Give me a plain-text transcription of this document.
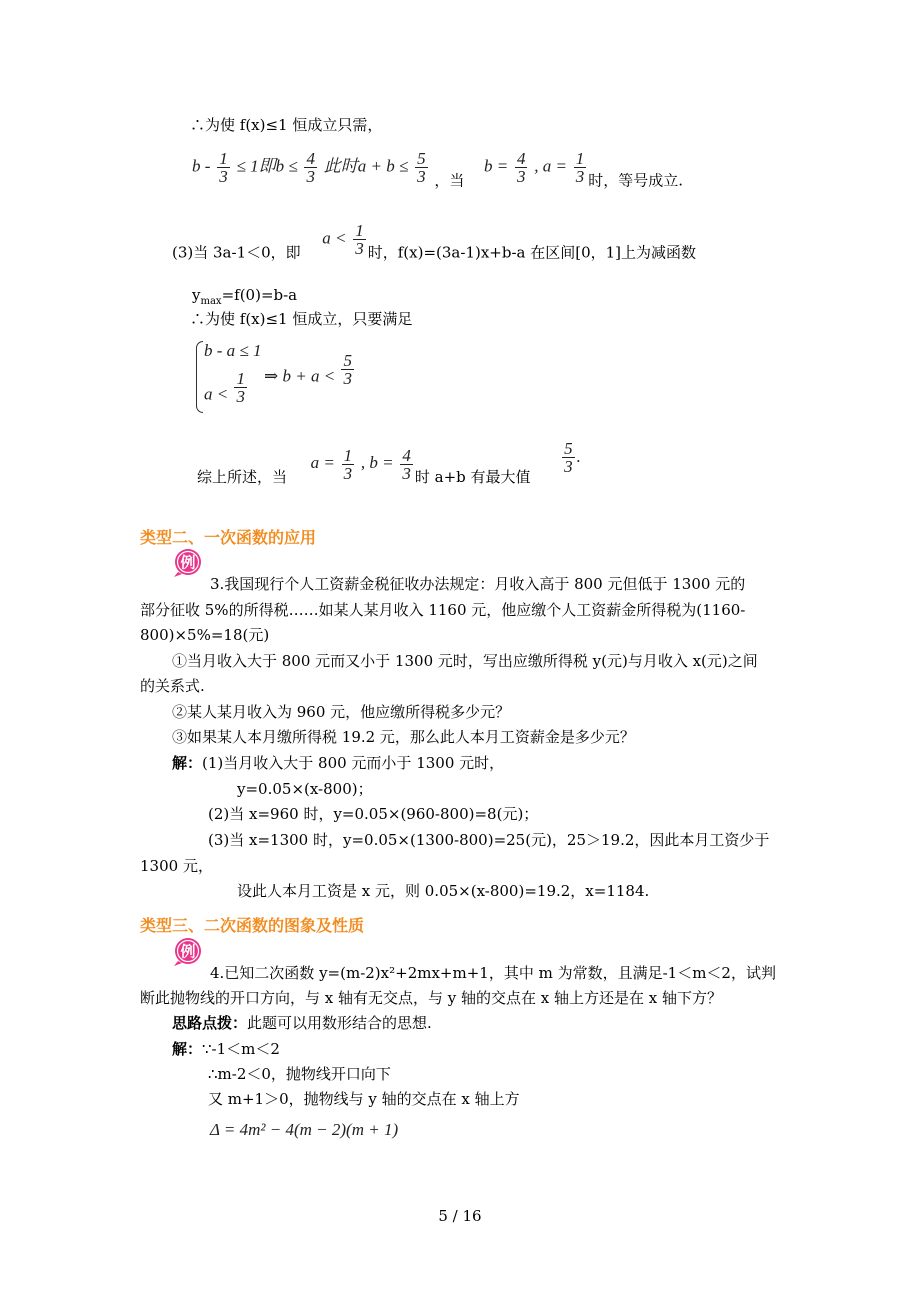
∴为使 f(x)≤1 恒成立只需，
$b - \frac{1}{3} \le 1$即$b \le \frac{4}{3}$ 此时$a + b \le \frac{5}{3}$ ，当  $b = \frac{4}{3}$ , $a = \frac{1}{3}$ 时，等号成立.
(3)当 3a-1＜0，即  $a < \frac{1}{3}$ 时，f(x)=(3a-1)x+b-a 在区间[0，1]上为减函数
$y_{max}=f(0)=b-a$
∴为使 f(x)≤1 恒成立，只要满足
b - a ≤ 1
$a < \frac{1}{3}$ ⇒ $b + a < \frac{5}{3}$
综上所述，当  $a = \frac{1}{3}$ , $b = \frac{4}{3}$ 时 a+b 有最大值
$\frac{5}{3}$ .
类型二、一次函数的应用
例
3.我国现行个人工资薪金税征收办法规定：月收入高于 800 元但低于 1300 元的
部分征收 5%的所得税……如某人某月收入 1160 元，他应缴个人工资薪金所得税为(1160-
800)×5%=18(元)
①当月收入大于 800 元而又小于 1300 元时，写出应缴所得税 y(元)与月收入 x(元)之间
的关系式.
②某人某月收入为 960 元，他应缴所得税多少元？
③如果某人本月缴所得税 19.2 元，那么此人本月工资薪金是多少元？
解：(1)当月收入大于 800 元而小于 1300 元时，
y=0.05×(x-800)；
(2)当 x=960 时，y=0.05×(960-800)=8(元)；
(3)当 x=1300 时，y=0.05×(1300-800)=25(元)，25＞19.2，因此本月工资少于
1300 元，
设此人本月工资是 x 元，则 0.05×(x-800)=19.2，x=1184.
类型三、二次函数的图象及性质
例
4.已知二次函数 y=(m-2)x²+2mx+m+1，其中 m 为常数，且满足-1＜m＜2，试判
断此抛物线的开口方向，与 x 轴有无交点，与 y 轴的交点在 x 轴上方还是在 x 轴下方？
思路点拨：此题可以用数形结合的思想.
解：∵-1＜m＜2
∴m-2＜0，抛物线开口向下
又 m+1＞0，抛物线与 y 轴的交点在 x 轴上方
Δ = 4m² − 4(m − 2)(m + 1)
5 / 16
